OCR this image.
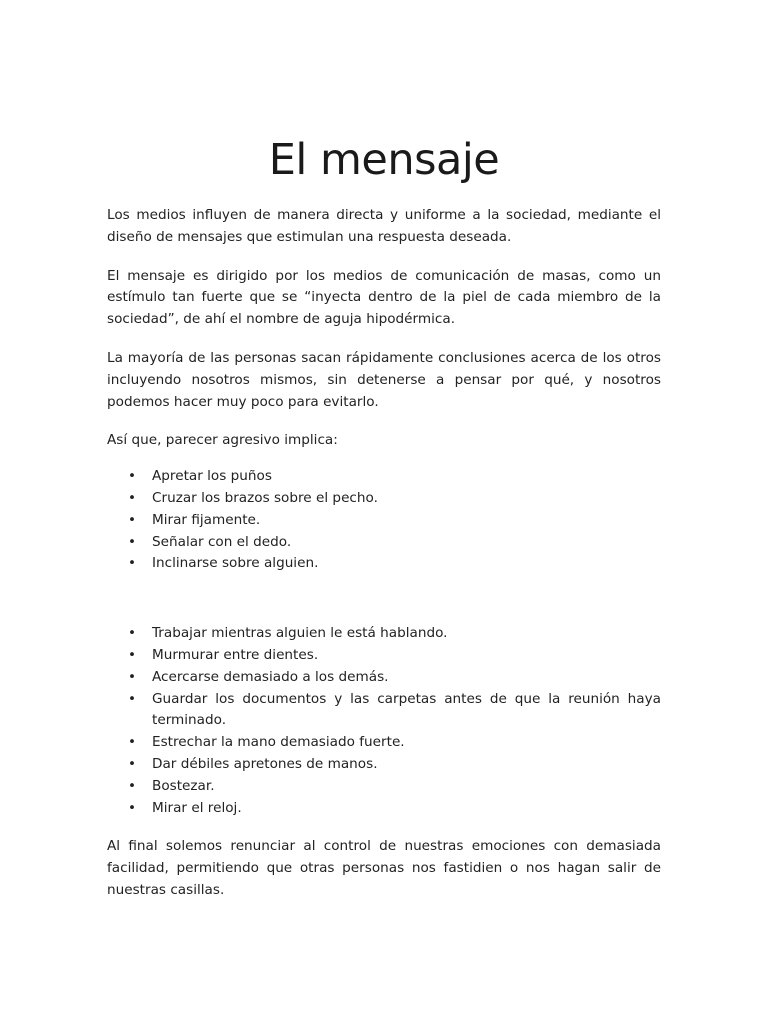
El mensaje

Los medios influyen de manera directa y uniforme a la sociedad, mediante el diseño de mensajes que estimulan una respuesta deseada.

El mensaje es dirigido por los medios de comunicación de masas, como un estímulo tan fuerte que se “inyecta dentro de la piel de cada miembro de la sociedad”, de ahí el nombre de aguja hipodérmica.

La mayoría de las personas sacan rápidamente conclusiones acerca de los otros incluyendo nosotros mismos, sin detenerse a pensar por qué, y nosotros podemos hacer muy poco para evitarlo.

Así que, parecer agresivo implica:

• Apretar los puños
• Cruzar los brazos sobre el pecho.
• Mirar fijamente.
• Señalar con el dedo.
• Inclinarse sobre alguien.
• Trabajar mientras alguien le está hablando.
• Murmurar entre dientes.
• Acercarse demasiado a los demás.
• Guardar los documentos y las carpetas antes de que la reunión haya terminado.
• Estrechar la mano demasiado fuerte.
• Dar débiles apretones de manos.
• Bostezar.
• Mirar el reloj.

Al final solemos renunciar al control de nuestras emociones con demasiada facilidad, permitiendo que otras personas nos fastidien o nos hagan salir de nuestras casillas.
